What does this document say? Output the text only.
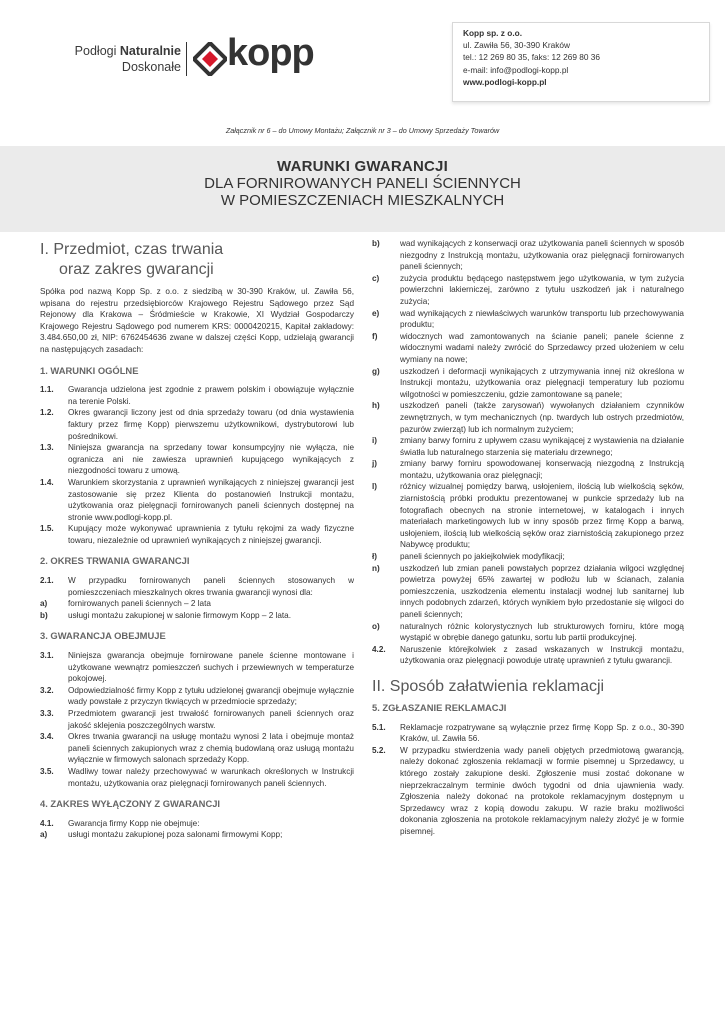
Podłogi Naturalnie
Doskonałe kopp	Kopp sp. z o.o.
ul. Zawiła 56, 30-390 Kraków
tel.: 12 269 80 35, faks: 12 269 80 36
e-mail: info@podlogi-kopp.pl
www.podlogi-kopp.pl
Załącznik nr 6 – do Umowy Montażu; Załącznik nr 3 – do Umowy Sprzedaży Towarów
WARUNKI GWARANCJI
DLA FORNIROWANYCH PANELI ŚCIENNYCH
W POMIESZCZENIACH MIESZKALNYCH
I. Przedmiot, czas trwania
oraz zakres gwarancji
Spółka pod nazwą Kopp Sp. z o.o. z siedzibą w 30-390 Kraków, ul. Zawiła 56, wpisana do rejestru przedsiębiorców Krajowego Rejestru Sądowego przez Sąd Rejonowy dla Krakowa – Śródmieście w Krakowie, XI Wydział Gospodarczy Krajowego Rejestru Sądowego pod numerem KRS: 0000420215, Kapitał zakładowy: 3.484.650,00 zł, NIP: 6762454636 zwane w dalszej części Kopp, udzielają gwarancji na następujących zasadach:
1. WARUNKI OGÓLNE
1.1.	Gwarancja udzielona jest zgodnie z prawem polskim i obowiązuje wyłącznie na terenie Polski.
1.2.	Okres gwarancji liczony jest od dnia sprzedaży towaru (od dnia wystawienia faktury przez firmę Kopp) pierwszemu użytkownikowi, dystrybutorowi lub pośrednikowi.
1.3.	Niniejsza gwarancja na sprzedany towar konsumpcyjny nie wyłącza, nie ogranicza ani nie zawiesza uprawnień kupującego wynikających z niezgodności towaru z umową.
1.4.	Warunkiem skorzystania z uprawnień wynikających z niniejszej gwarancji jest zastosowanie się przez Klienta do postanowień Instrukcji montażu, użytkowania oraz pielęgnacji fornirowanych paneli ściennych dostępnej na stronie www.podlogi-kopp.pl.
1.5.	Kupujący może wykonywać uprawnienia z tytułu rękojmi za wady fizyczne towaru, niezależnie od uprawnień wynikających z niniejszej gwarancji.
2. OKRES TRWANIA GWARANCJI
2.1.	W przypadku fornirowanych paneli ściennych stosowanych w pomieszczeniach mieszkalnych okres trwania gwarancji wynosi dla:
a)	fornirowanych paneli ściennych – 2 lata
b)	usługi montażu zakupionej w salonie firmowym Kopp – 2 lata.
3. GWARANCJA OBEJMUJE
3.1.	Niniejsza gwarancja obejmuje fornirowane panele ścienne montowane i użytkowane wewnątrz pomieszczeń suchych i przewiewnych w temperaturze pokojowej.
3.2.	Odpowiedzialność firmy Kopp z tytułu udzielonej gwarancji obejmuje wyłącznie wady powstałe z przyczyn tkwiących w przedmiocie sprzedaży;
3.3.	Przedmiotem gwarancji jest trwałość fornirowanych paneli ściennych oraz jakość sklejenia poszczególnych warstw.
3.4.	Okres trwania gwarancji na usługę montażu wynosi 2 lata i obejmuje montaż paneli ściennych zakupionych wraz z chemią budowlaną oraz usługą montażu wyłącznie w firmowych salonach sprzedaży Kopp.
3.5.	Wadliwy towar należy przechowywać w warunkach określonych w Instrukcji montażu, użytkowania oraz pielęgnacji fornirowanych paneli ściennych.
4. ZAKRES WYŁĄCZONY Z GWARANCJI
4.1.	Gwarancja firmy Kopp nie obejmuje:
a)	usługi montażu zakupionej poza salonami firmowymi Kopp;
b)	wad wynikających z konserwacji oraz użytkowania paneli ściennych w sposób niezgodny z Instrukcją montażu, użytkowania oraz pielęgnacji fornirowanych paneli ściennych;
c)	zużycia produktu będącego następstwem jego użytkowania, w tym zużycia powierzchni lakierniczej, zarówno z tytułu uszkodzeń jak i naturalnego zużycia;
e)	wad wynikających z niewłaściwych warunków transportu lub przechowywania produktu;
f)	widocznych wad zamontowanych na ścianie paneli; panele ścienne z widocznymi wadami należy zwrócić do Sprzedawcy przed ułożeniem w celu wymiany na nowe;
g)	uszkodzeń i deformacji wynikających z utrzymywania innej niż określona w Instrukcji montażu, użytkowania oraz pielęgnacji temperatury lub poziomu wilgotności w pomieszczeniu, gdzie zamontowane są panele;
h)	uszkodzeń paneli (także zarysowań) wywołanych działaniem czynników zewnętrznych, w tym mechanicznych (np. twardych lub ostrych przedmiotów, pazurów zwierząt) lub ich normalnym zużyciem;
i)	zmiany barwy forniru z upływem czasu wynikającej z wystawienia na działanie światła lub naturalnego starzenia się materiału drzewnego;
j)	zmiany barwy forniru spowodowanej konserwacją niezgodną z Instrukcją montażu, użytkowania oraz pielęgnacji;
l)	różnicy wizualnej pomiędzy barwą, usłojeniem, ilością lub wielkością sęków, ziarnistością próbki produktu prezentowanej w punkcie sprzedaży lub na fotografiach obecnych na stronie internetowej, w katalogach i innych materiałach marketingowych lub w inny sposób przez firmę Kopp a barwą, usłojeniem, ilością lub wielkością sęków oraz ziarnistością zakupionego przez Nabywcę produktu;
ł)	paneli ściennych po jakiejkolwiek modyfikacji;
n)	uszkodzeń lub zmian paneli powstałych poprzez działania wilgoci względnej powietrza powyżej 65% zawartej w podłożu lub w ścianach, zalania pomieszczenia, uszkodzenia elementu instalacji wodnej lub sanitarnej lub innych podobnych zdarzeń, których wynikiem było przedostanie się wilgoci do paneli ściennych;
o)	naturalnych różnic kolorystycznych lub strukturowych forniru, które mogą wystąpić w obrębie danego gatunku, sortu lub partii produkcyjnej.
4.2.	Naruszenie którejkolwiek z zasad wskazanych w Instrukcji montażu, użytkowania oraz pielęgnacji powoduje utratę uprawnień z tytułu gwarancji.
II. Sposób załatwienia reklamacji
5. ZGŁASZANIE REKLAMACJI
5.1.	Reklamacje rozpatrywane są wyłącznie przez firmę Kopp Sp. z o.o., 30-390 Kraków, ul. Zawiła 56.
5.2.	W przypadku stwierdzenia wady paneli objętych przedmiotową gwarancją, należy dokonać zgłoszenia reklamacji w formie pisemnej u Sprzedawcy, u którego zostały zakupione deski. Zgłoszenie musi zostać dokonane w nieprzekraczalnym terminie dwóch tygodni od dnia ujawnienia wady. Zgłoszenia należy dokonać na protokole reklamacyjnym dostępnym u Sprzedawcy wraz z kopią dowodu zakupu. W razie braku możliwości dokonania zgłoszenia na protokole reklamacyjnym należy złożyć je w formie pisemnej.
